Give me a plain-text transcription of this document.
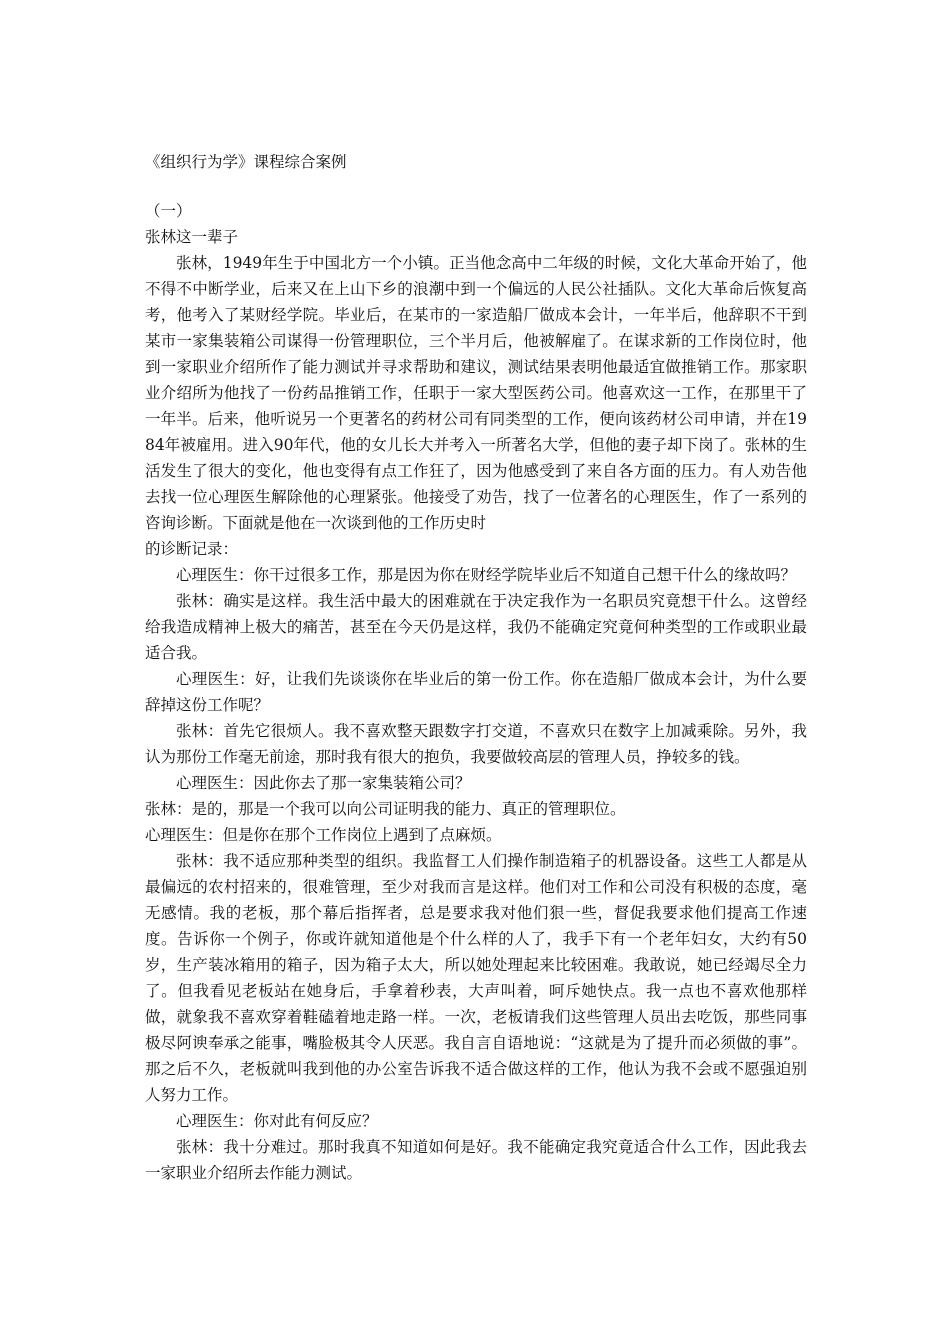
《组织行为学》课程综合案例

（一）

张林这一辈子

张林，1949年生于中国北方一个小镇。正当他念高中二年级的时候，文化大革命开始了，他不得不中断学业，后来又在上山下乡的浪潮中到一个偏远的人民公社插队。文化大革命后恢复高考，他考入了某财经学院。毕业后，在某市的一家造船厂做成本会计，一年半后，他辞职不干到某市一家集装箱公司谋得一份管理职位，三个半月后，他被解雇了。在谋求新的工作岗位时，他到一家职业介绍所作了能力测试并寻求帮助和建议，测试结果表明他最适宜做推销工作。那家职业介绍所为他找了一份药品推销工作，任职于一家大型医药公司。他喜欢这一工作，在那里干了一年半。后来，他听说另一个更著名的药材公司有同类型的工作，便向该药材公司申请，并在1984年被雇用。进入90年代，他的女儿长大并考入一所著名大学，但他的妻子却下岗了。张林的生活发生了很大的变化，他也变得有点工作狂了，因为他感受到了来自各方面的压力。有人劝告他去找一位心理医生解除他的心理紧张。他接受了劝告，找了一位著名的心理医生，作了一系列的咨询诊断。下面就是他在一次谈到他的工作历史时

的诊断记录：

心理医生：你干过很多工作，那是因为你在财经学院毕业后不知道自己想干什么的缘故吗？

张林：确实是这样。我生活中最大的困难就在于决定我作为一名职员究竟想干什么。这曾经给我造成精神上极大的痛苦，甚至在今天仍是这样，我仍不能确定究竟何种类型的工作或职业最适合我。

心理医生：好，让我们先谈谈你在毕业后的第一份工作。你在造船厂做成本会计，为什么要辞掉这份工作呢？

张林：首先它很烦人。我不喜欢整天跟数字打交道，不喜欢只在数字上加减乘除。另外，我认为那份工作毫无前途，那时我有很大的抱负，我要做较高层的管理人员，挣较多的钱。

心理医生：因此你去了那一家集装箱公司？

张林：是的，那是一个我可以向公司证明我的能力、真正的管理职位。

心理医生：但是你在那个工作岗位上遇到了点麻烦。

张林：我不适应那种类型的组织。我监督工人们操作制造箱子的机器设备。这些工人都是从最偏远的农村招来的，很难管理，至少对我而言是这样。他们对工作和公司没有积极的态度，毫无感情。我的老板，那个幕后指挥者，总是要求我对他们狠一些，督促我要求他们提高工作速度。告诉你一个例子，你或许就知道他是个什么样的人了，我手下有一个老年妇女，大约有50岁，生产装冰箱用的箱子，因为箱子太大，所以她处理起来比较困难。我敢说，她已经竭尽全力了。但我看见老板站在她身后，手拿着秒表，大声叫着，呵斥她快点。我一点也不喜欢他那样做，就象我不喜欢穿着鞋磕着地走路一样。一次，老板请我们这些管理人员出去吃饭，那些同事极尽阿谀奉承之能事，嘴脸极其令人厌恶。我自言自语地说：“这就是为了提升而必须做的事”。那之后不久，老板就叫我到他的办公室告诉我不适合做这样的工作，他认为我不会或不愿强迫别人努力工作。

心理医生：你对此有何反应？

张林：我十分难过。那时我真不知道如何是好。我不能确定我究竟适合什么工作，因此我去一家职业介绍所去作能力测试。
